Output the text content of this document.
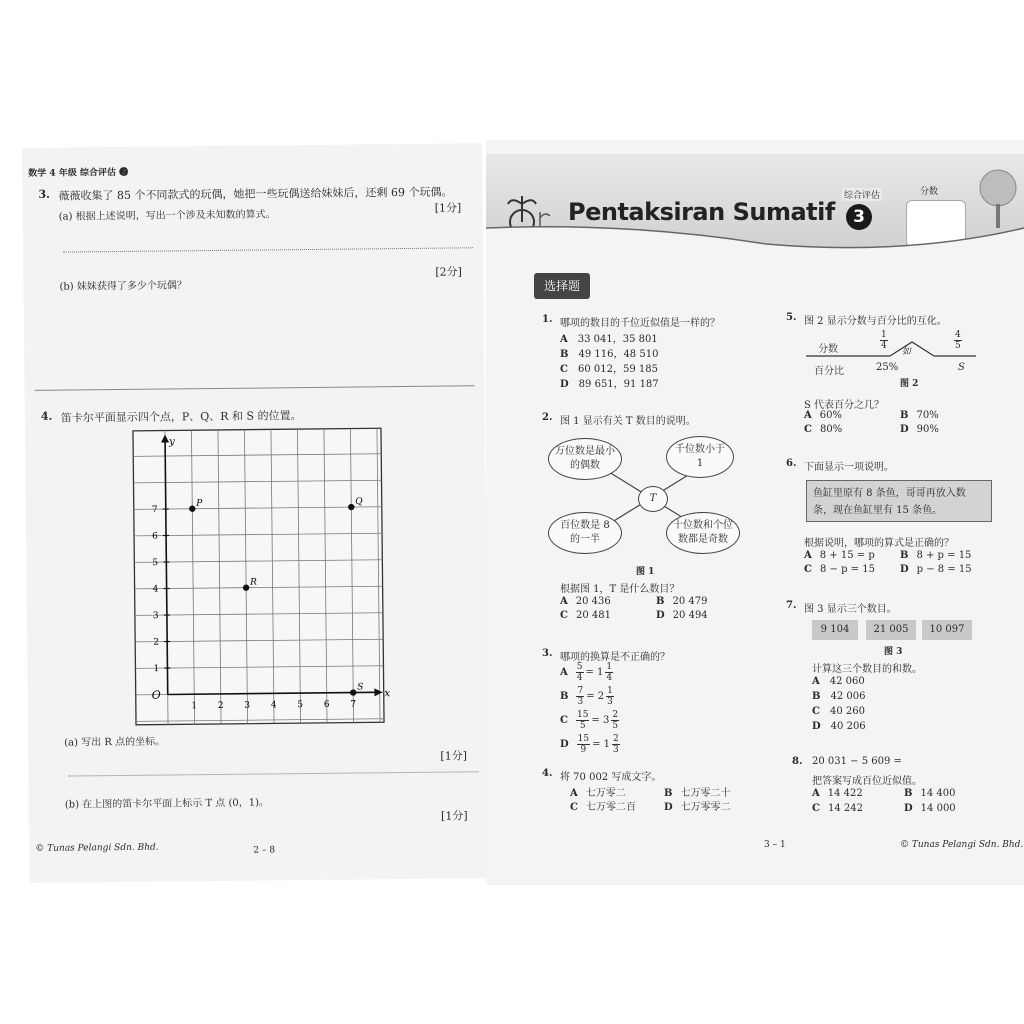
数学 4 年级 综合评估 ❷
3. 薇薇收集了 85 个不同款式的玩偶，她把一些玩偶送给妹妹后，还剩 69 个玩偶。
(a) 根据上述说明，写出一个涉及未知数的算式。
[1分]
(b) 妹妹获得了多少个玩偶？
[2分]
4. 笛卡尔平面显示四个点，P、Q、R 和 S 的位置。
x
y
O
1 2 3 4 5 6 7
1
2
3
4
5
6
7
P	Q
R
S
(a) 写出 R 点的坐标。
[1分]
(b) 在上图的笛卡尔平面上标示 T 点 (0，1)。
[1分]
© Tunas Pelangi Sdn. Bhd.	2 – 8
Pentaksiran Sumatif
综合评估
3
分数
选择题
1. 哪项的数目的千位近似值是一样的？
A 33 041，35 801
B 49 116，48 510
C 60 012，59 185
D 89 651，91 187
2. 图 1 显示有关 T 数目的说明。
万位数是最小的偶数
千位数小于 1
百位数是 8 的一半
十位数和个位数都是奇数
T
图 1
根据图 1，T 是什么数目？
A 20 436	B 20 479
C 20 481	D 20 494
3. 哪项的换算是不正确的？
A $\frac{5}{4} = 1 \frac{1}{4}$
B $\frac{7}{3} = 2 \frac{1}{3}$
C $\frac{15}{5} = 3 \frac{2}{5}$
D $\frac{15}{9} = 1 \frac{2}{3}$
4. 将 70 002 写成文字。
A 七万零二	B 七万零二十
C 七万零二百	D 七万零零二
5. 图 2 显示分数与百分比的互化。
分数	$\frac{1}{4}$	$\frac{4}{5}$
如
百分比	25%	S
图 2
S 代表百分之几？
A 60%	B 70%
C 80%	D 90%
6. 下面显示一项说明。
鱼缸里原有 8 条鱼，哥哥再放入数条，现在鱼缸里有 15 条鱼。
根据说明，哪项的算式是正确的？
A 8 + 15 = p	B 8 + p = 15
C 8 − p = 15	D p − 8 = 15
7. 图 3 显示三个数目。
9 104	21 005	10 097
图 3
计算这三个数目的和数。
A 42 060
B 42 006
C 40 260
D 40 206
8. 20 031 − 5 609 =
把答案写成百位近似值。
A 14 422	B 14 400
C 14 242	D 14 000
3 – 1	© Tunas Pelangi Sdn. Bhd.
